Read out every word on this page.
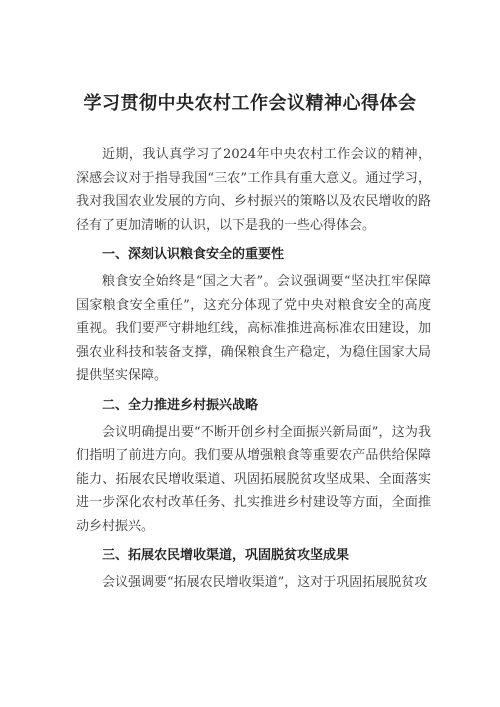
学习贯彻中央农村工作会议精神心得体会

近期，我认真学习了2024年中央农村工作会议的精神，深感会议对于指导我国“三农”工作具有重大意义。通过学习，我对我国农业发展的方向、乡村振兴的策略以及农民增收的路径有了更加清晰的认识，以下是我的一些心得体会。

一、深刻认识粮食安全的重要性

粮食安全始终是“国之大者”。会议强调要“坚决扛牢保障国家粮食安全重任”，这充分体现了党中央对粮食安全的高度重视。我们要严守耕地红线，高标准推进高标准农田建设，加强农业科技和装备支撑，确保粮食生产稳定，为稳住国家大局提供坚实保障。

二、全力推进乡村振兴战略

会议明确提出要“不断开创乡村全面振兴新局面”，这为我们指明了前进方向。我们要从增强粮食等重要农产品供给保障能力、拓展农民增收渠道、巩固拓展脱贫攻坚成果、全面落实进一步深化农村改革任务、扎实推进乡村建设等方面，全面推动乡村振兴。

三、拓展农民增收渠道，巩固脱贫攻坚成果

会议强调要“拓展农民增收渠道”，这对于巩固拓展脱贫攻
